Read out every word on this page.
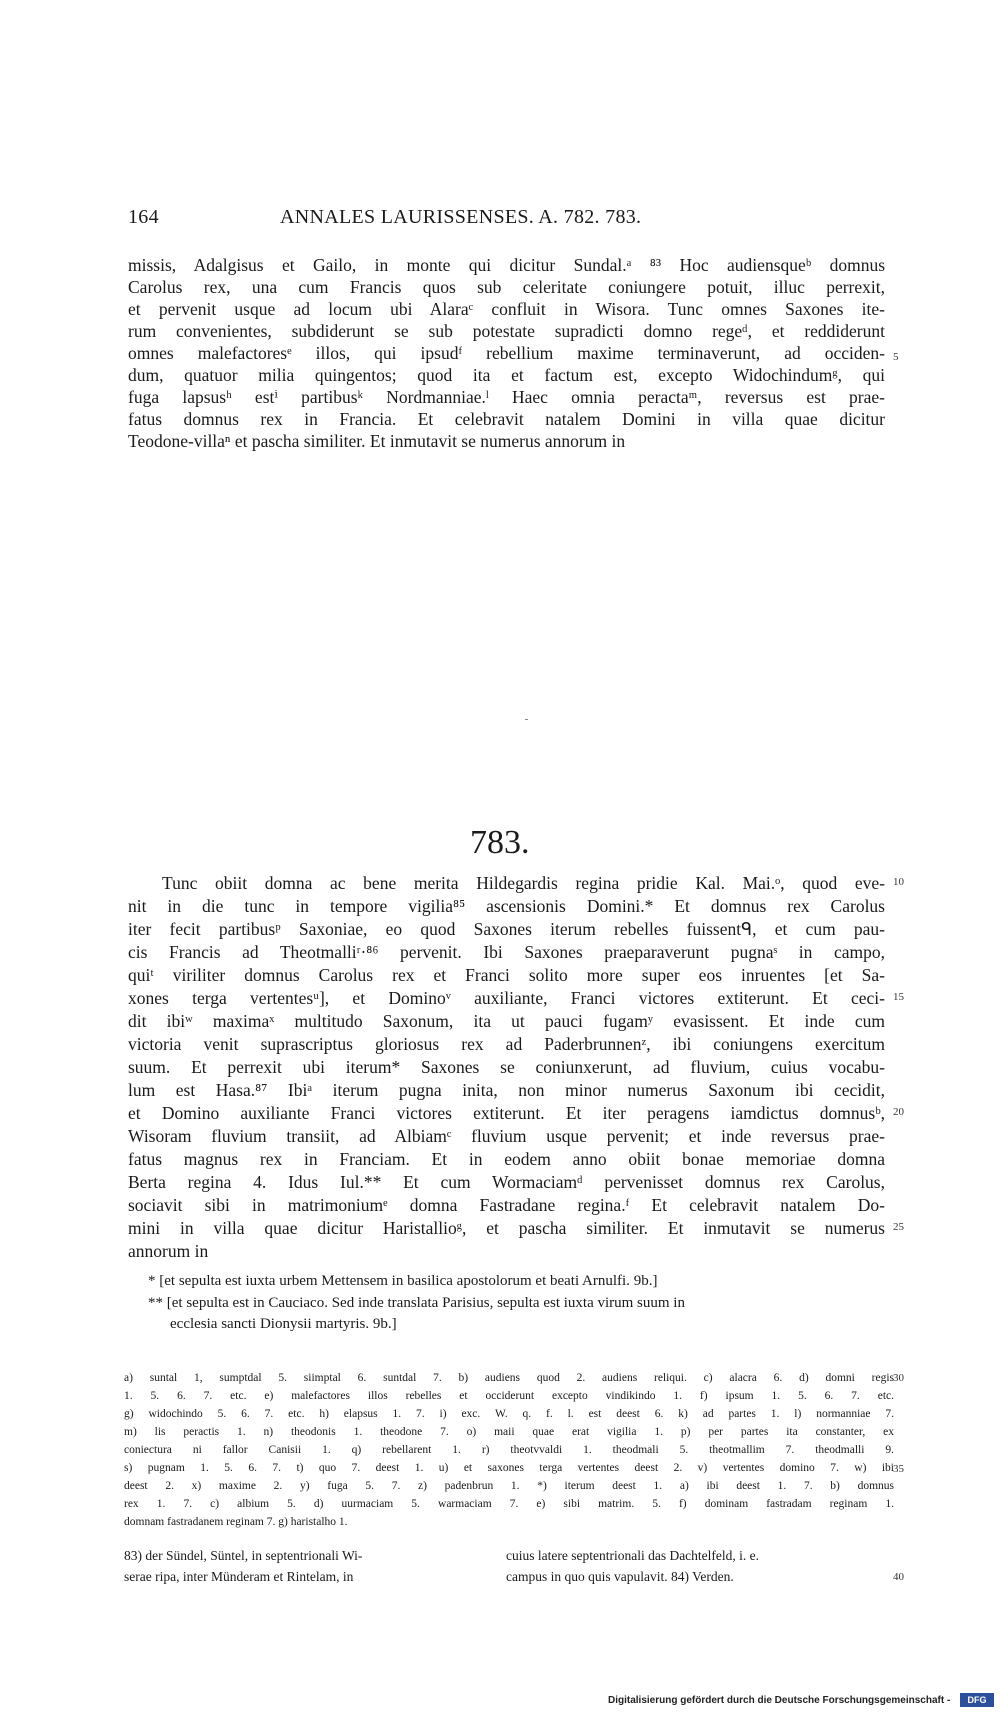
164	ANNALES LAURISSENSES. A. 782. 783.
missis, Adalgisus et Gailo, in monte qui dicitur Sundal.ᵃ ⁸³ Hoc audiensqueᵇ domnus
Carolus rex, una cum Francis quos sub celeritate coniungere potuit, illuc perrexit,
et pervenit usque ad locum ubi Alaraᶜ confluit in Wisora. Tunc omnes Saxones ite-
rum convenientes, subdiderunt se sub potestate supradicti domno regeᵈ, et reddiderunt
omnes malefactoresᵉ illos, qui ipsudᶠ rebellium maxime terminaverunt, ad occiden-
dum, quatuor milia quingentos; quod ita et factum est, excepto Widochindumᵍ, qui
fuga lapsusʰ estⁱ partibusᵏ Nordmanniae.ˡ Haec omnia peractaᵐ, reversus est prae-
fatus domnus rex in Francia. Et celebravit natalem Domini in villa quae dicitur
Teodone-villaⁿ et pascha similiter. Et inmutavit se numerus annorum in
5
783.
Tunc obiit domna ac bene merita Hildegardis regina pridie Kal. Mai.ᵒ, quod eve-
nit in die tunc in tempore vigilia⁸⁵ ascensionis Domini.* Et domnus rex Carolus
iter fecit partibusᵖ Saxoniae, eo quod Saxones iterum rebelles fuissentᑫ, et cum pau-
cis Francis ad Theotmalliʳ·⁸⁶ pervenit. Ibi Saxones praeparaverunt pugnaˢ in campo,
quiᵗ viriliter domnus Carolus rex et Franci solito more super eos inruentes [et Sa-
xones terga vertentesᵘ], et Dominoᵛ auxiliante, Franci victores extiterunt. Et ceci-
dit ibiʷ maximaˣ multitudo Saxonum, ita ut pauci fugamʸ evasissent. Et inde cum
victoria venit suprascriptus gloriosus rex ad Paderbrunnenᶻ, ibi coniungens exercitum
suum. Et perrexit ubi iterum* Saxones se coniunxerunt, ad fluvium, cuius vocabu-
lum est Hasa.⁸⁷ Ibiᵃ iterum pugna inita, non minor numerus Saxonum ibi cecidit,
et Domino auxiliante Franci victores extiterunt. Et iter peragens iamdictus domnusᵇ,
Wisoram fluvium transiit, ad Albiamᶜ fluvium usque pervenit; et inde reversus prae-
fatus magnus rex in Franciam. Et in eodem anno obiit bonae memoriae domna
Berta regina 4. Idus Iul.** Et cum Wormaciamᵈ pervenisset domnus rex Carolus,
sociavit sibi in matrimoniumᵉ domna Fastradane regina.ᶠ Et celebravit natalem Do-
mini in villa quae dicitur Haristallioᵍ, et pascha similiter. Et inmutavit se numerus
annorum in
10
15
20
25
* [et sepulta est iuxta urbem Mettensem in basilica apostolorum et beati Arnulfi. 9b.]
** [et sepulta est in Cauciaco. Sed inde translata Parisius, sepulta est iuxta virum suum in
ecclesia sancti Dionysii martyris. 9b.]
a) suntal 1, sumptdal 5. siimptal 6. suntdal 7. b) audiens quod 2. audiens reliqui. c) alacra 6. d) domni regis
1. 5. 6. 7. etc. e) malefactores illos rebelles et occiderunt excepto vindikindo 1. f) ipsum 1. 5. 6. 7. etc.
g) widochindo 5. 6. 7. etc. h) elapsus 1. 7. i) exc. W. q. f. l. est deest 6. k) ad partes 1. l) normanniae 7.
m) lis peractis 1. n) theodonis 1. theodone 7. o) maii quae erat vigilia 1. p) per partes ita constanter, ex
coniectura ni fallor Canisii 1. q) rebellarent 1. r) theotvvaldi 1. theodmali 5. theotmallim 7. theodmalli 9.
s) pugnam 1. 5. 6. 7. t) quo 7. deest 1. u) et saxones terga vertentes deest 2. v) vertentes domino 7. w) ibi
deest 2. x) maxime 2. y) fuga 5. 7. z) padenbrun 1. *) iterum deest 1. a) ibi deest 1. 7. b) domnus
rex 1. 7. c) albium 5. d) uurmaciam 5. warmaciam 7. e) sibi matrim. 5. f) dominam fastradam reginam 1.
domnam fastradanem reginam 7. g) haristalho 1.
30
35
83) der Sündel, Süntel, in septentrionali Wi-
serae ripa, inter Münderam et Rintelam, in
cuius latere septentrionali das Dachtelfeld, i. e.
campus in quo quis vapulavit. 84) Verden.	40
Digitalisierung gefördert durch die Deutsche Forschungsgemeinschaft -	DFG
